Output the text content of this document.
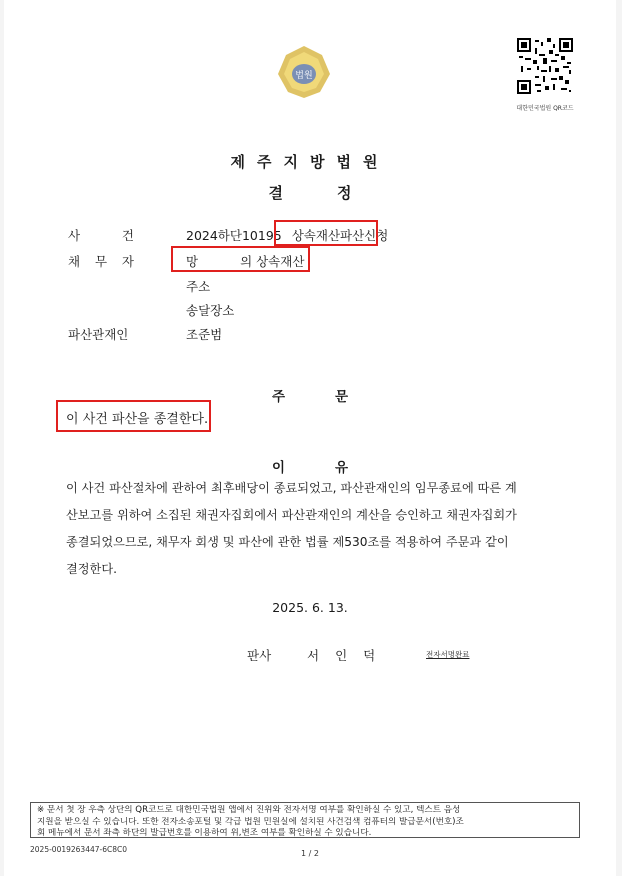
법원
대한민국법원 QR코드
제주지방법원
결	정
사	건	2024하단10195 상속재산파산신청
채 무 자	망	의 상속재산
주소
송달장소
파산관재인	조준범
주	문
이 사건 파산을 종결한다.
이	유
이 사건 파산절차에 관하여 최후배당이 종료되었고, 파산관재인의 임무종료에 따른 계
산보고를 위하여 소집된 채권자집회에서 파산관재인의 계산을 승인하고 채권자집회가
종결되었으므로, 채무자 회생 및 파산에 관한 법률 제530조를 적용하여 주문과 같이
결정한다.
2025. 6. 13.
판사	서인덕	전자서명완료
※ 문서 첫 장 우측 상단의 QR코드로 대한민국법원 앱에서 진위와 전자서명 여부를 확인하실 수 있고, 텍스트 음성
지원을 받으실 수 있습니다. 또한 전자소송포털 및 각급 법원 민원실에 설치된 사건검색 컴퓨터의 발급문서(번호)조
회 메뉴에서 문서 좌측 하단의 발급번호를 이용하여 위,변조 여부를 확인하실 수 있습니다.
2025-0019263447-6C8C0	1 / 2
